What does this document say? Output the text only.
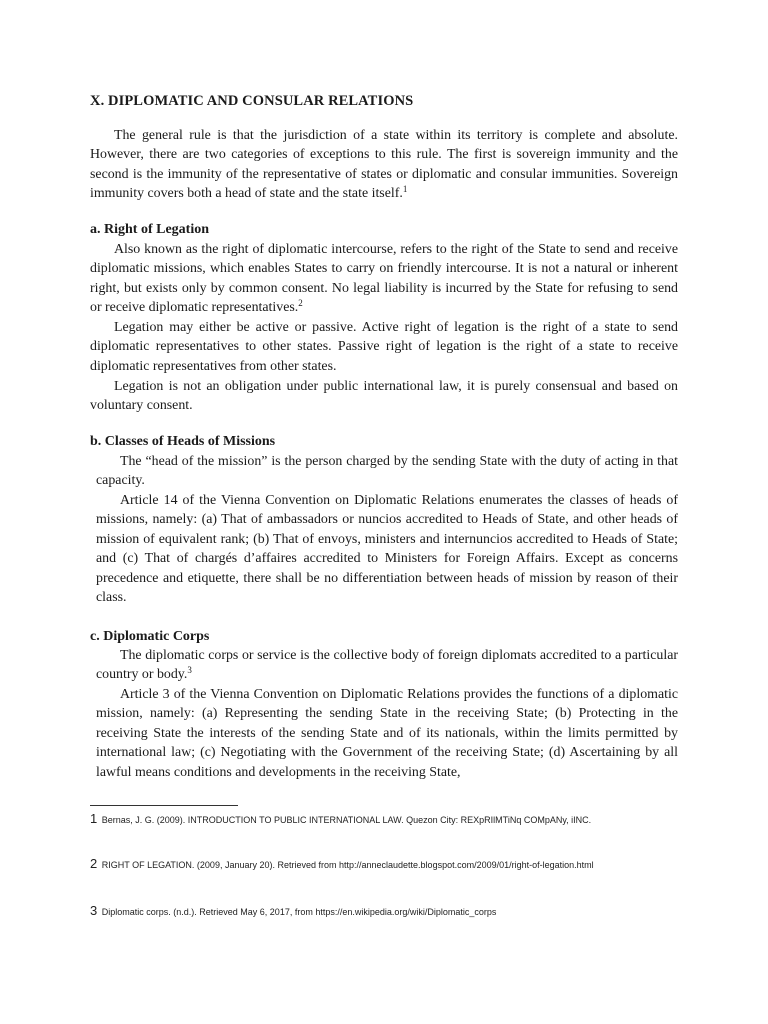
X. DIPLOMATIC AND CONSULAR RELATIONS

The general rule is that the jurisdiction of a state within its territory is complete and absolute. However, there are two categories of exceptions to this rule. The first is sovereign immunity and the second is the immunity of the representative of states or diplomatic and consular immunities. Sovereign immunity covers both a head of state and the state itself.$^1$

a. Right of Legation

Also known as the right of diplomatic intercourse, refers to the right of the State to send and receive diplomatic missions, which enables States to carry on friendly intercourse. It is not a natural or inherent right, but exists only by common consent. No legal liability is incurred by the State for refusing to send or receive diplomatic representatives.$^2$

Legation may either be active or passive. Active right of legation is the right of a state to send diplomatic representatives to other states. Passive right of legation is the right of a state to receive diplomatic representatives from other states.

Legation is not an obligation under public international law, it is purely consensual and based on voluntary consent.

b. Classes of Heads of Missions

The “head of the mission” is the person charged by the sending State with the duty of acting in that capacity.

Article 14 of the Vienna Convention on Diplomatic Relations enumerates the classes of heads of missions, namely: (a) That of ambassadors or nuncios accredited to Heads of State, and other heads of mission of equivalent rank; (b) That of envoys, ministers and internuncios accredited to Heads of State; and (c) That of chargés d’affaires accredited to Ministers for Foreign Affairs. Except as concerns precedence and etiquette, there shall be no differentiation between heads of mission by reason of their class.

c. Diplomatic Corps

The diplomatic corps or service is the collective body of foreign diplomats accredited to a particular country or body.$^3$

Article 3 of the Vienna Convention on Diplomatic Relations provides the functions of a diplomatic mission, namely: (a) Representing the sending State in the receiving State; (b) Protecting in the receiving State the interests of the sending State and of its nationals, within the limits permitted by international law; (c) Negotiating with the Government of the receiving State; (d) Ascertaining by all lawful means conditions and developments in the receiving State,

1 Bernas, J. G. (2009). INTRODUCTION TO PUBLIC INTERNATIONAL LAW. Quezon City: REXpRIlMTiNq COMpANy, iINC.
2 RIGHT OF LEGATION. (2009, January 20). Retrieved from http://anneclaudette.blogspot.com/2009/01/right-of-legation.html
3 Diplomatic corps. (n.d.). Retrieved May 6, 2017, from https://en.wikipedia.org/wiki/Diplomatic_corps
